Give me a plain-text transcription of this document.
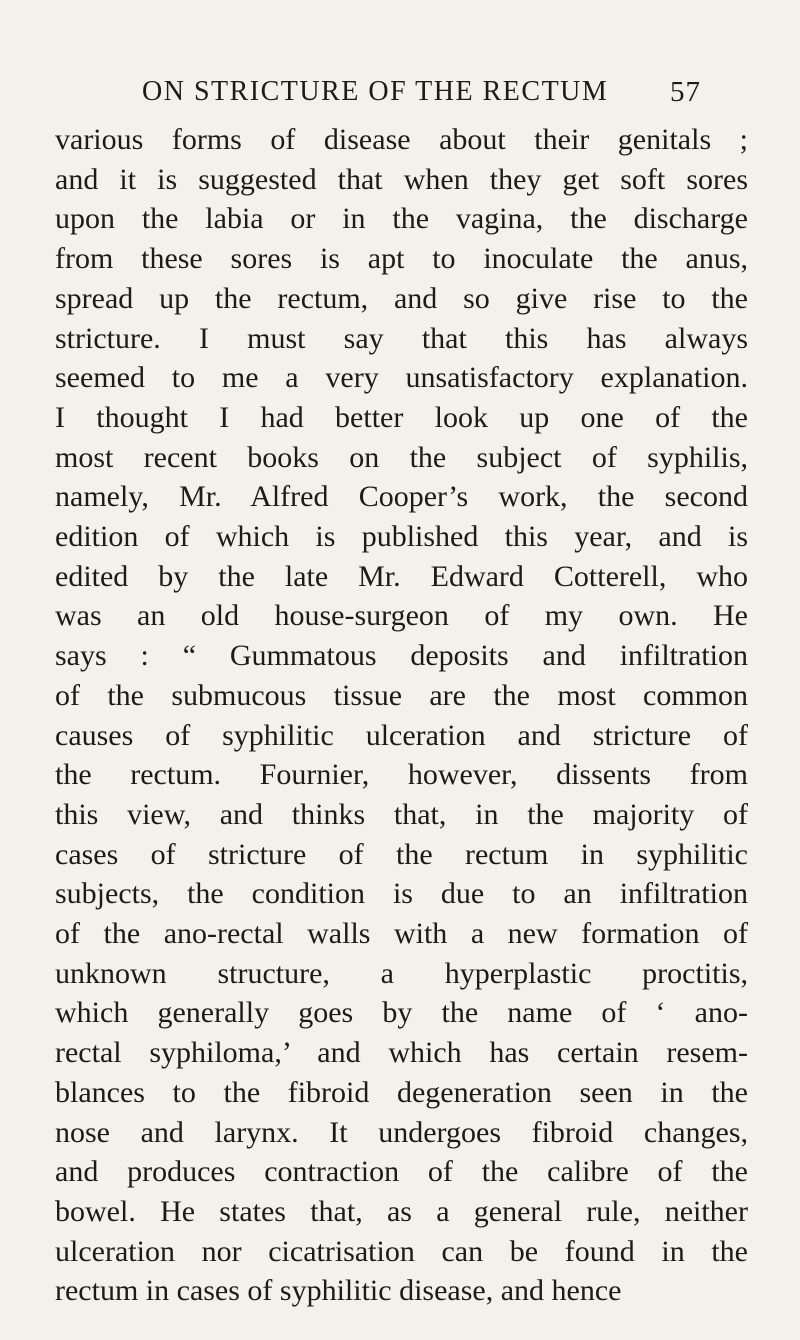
ON STRICTURE OF THE RECTUM 57
various forms of disease about their genitals ;
and it is suggested that when they get soft sores
upon the labia or in the vagina, the discharge
from these sores is apt to inoculate the anus,
spread up the rectum, and so give rise to the
stricture. I must say that this has always
seemed to me a very unsatisfactory explanation.
I thought I had better look up one of the
most recent books on the subject of syphilis,
namely, Mr. Alfred Cooper’s work, the second
edition of which is published this year, and is
edited by the late Mr. Edward Cotterell, who
was an old house-surgeon of my own. He
says : “ Gummatous deposits and infiltration
of the submucous tissue are the most common
causes of syphilitic ulceration and stricture of
the rectum. Fournier, however, dissents from
this view, and thinks that, in the majority of
cases of stricture of the rectum in syphilitic
subjects, the condition is due to an infiltration
of the ano-rectal walls with a new formation of
unknown structure, a hyperplastic proctitis,
which generally goes by the name of ‘ ano-
rectal syphiloma,’ and which has certain resem-
blances to the fibroid degeneration seen in the
nose and larynx. It undergoes fibroid changes,
and produces contraction of the calibre of the
bowel. He states that, as a general rule, neither
ulceration nor cicatrisation can be found in the
rectum in cases of syphilitic disease, and hence
